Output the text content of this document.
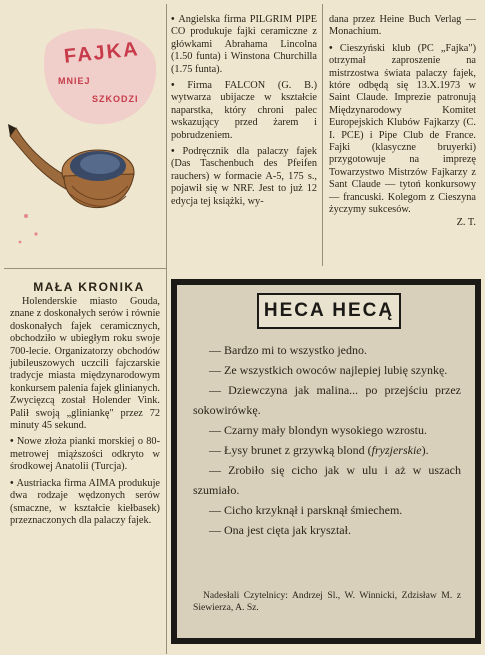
FAJKA
MNIEJ
SZKODZI

• Angielska firma PILGRIM PIPE CO produkuje fajki ceramiczne z główkami Abrahama Lincolna (1.50 funta) i Winstona Churchilla (1.75 funta).

• Firma FALCON (G. B.) wytwarza ubijacze w kształcie naparstka, który chroni palec wskazujący przed żarem i pobrudzeniem.

• Podręcznik dla palaczy fajek (Das Taschenbuch des Pfeifen rauchers) w formacie A-5, 175 s., pojawił się w NRF. Jest to już 12 edycja tej książki, wy-

dana przez Heine Buch Verlag — Monachium.

• Cieszyński klub (PC „Fajka") otrzymał zaproszenie na mistrzostwa świata palaczy fajek, które odbędą się 13.X.1973 w Saint Claude. Imprezie patronują Międzynarodowy Komitet Europejskich Klubów Fajkarzy (C. I. PCE) i Pipe Club de France. Fajki (klasyczne bruyerki) przygotowuje na imprezę Towarzystwo Mistrzów Fajkarzy z Sant Claude — tytoń konkursowy — francuski. Kolegom z Cieszyna życzymy sukcesów.

Z. T.

MAŁA KRONIKA

Holenderskie miasto Gouda, znane z doskonałych serów i równie doskonałych fajek ceramicznych, obchodziło w ubiegłym roku swoje 700-lecie. Organizatorzy obchodów jubileuszowych uczcili fajczarskie tradycje miasta międzynarodowym konkursem palenia fajek glinianych. Zwycięzcą został Holender Vink. Palił swoją „gliniankę" przez 72 minuty 45 sekund.

• Nowe złoża pianki morskiej o 80-metrowej miąższości odkryto w środkowej Anatolii (Turcja).

• Austriacka firma AIMA produkuje dwa rodzaje wędzonych serów (smaczne, w kształcie kiełbasek) przeznaczonych dla palaczy fajek.

HECA HECĄ

— Bardzo mi to wszystko jedno.

— Ze wszystkich owoców najlepiej lubię szynkę.

— Dziewczyna jak malina... po przejściu przez sokowirówkę.

— Czarny mały blondyn wysokiego wzrostu.

— Łysy brunet z grzywką blond (fryzjerskie).

— Zrobiło się cicho jak w ulu i aż w uszach szumiało.

— Cicho krzyknął i parsknął śmiechem.

— Ona jest cięta jak kryształ.

Nadesłali Czytelnicy: Andrzej Sl., W. Winnicki, Zdzisław M. z Siewierza, A. Sz.
